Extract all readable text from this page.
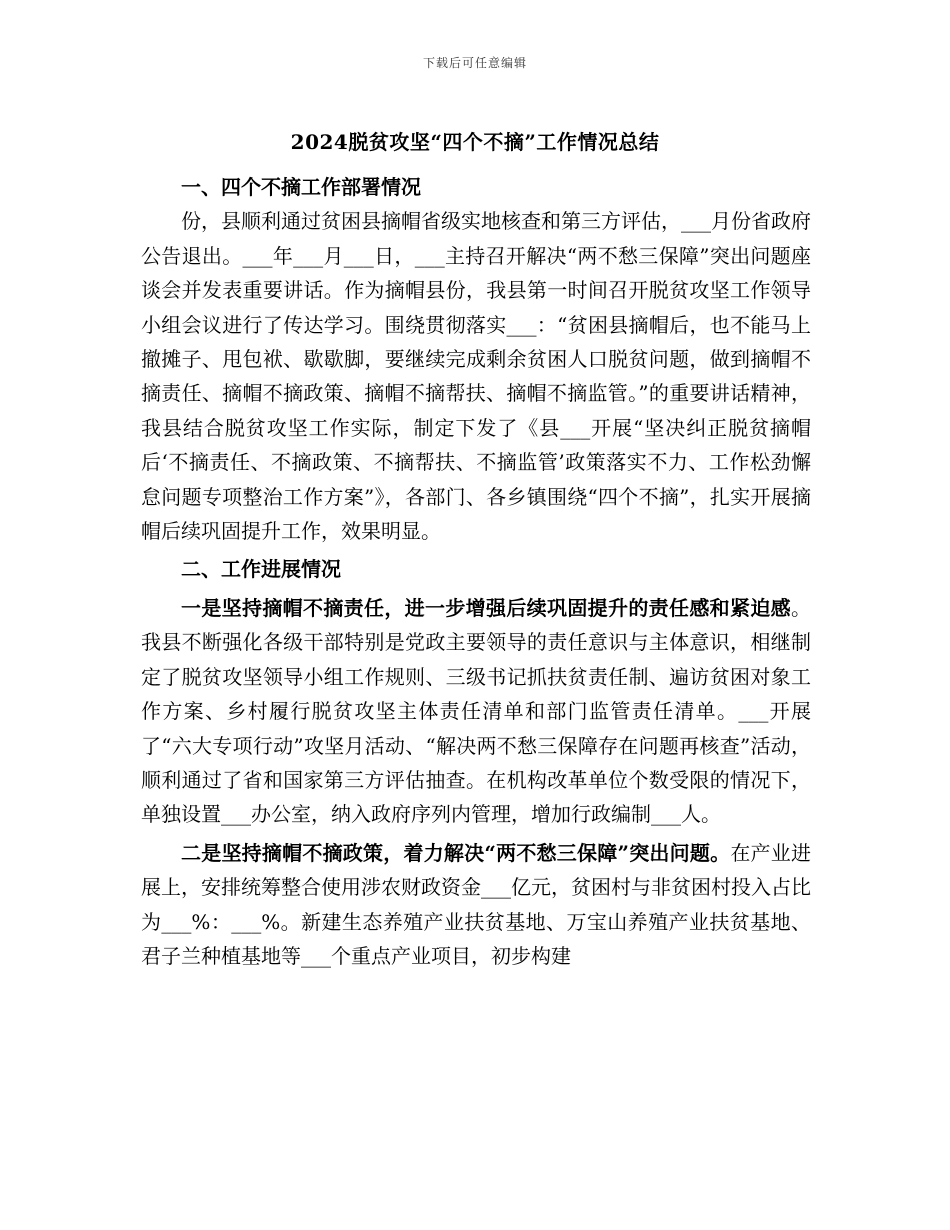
下载后可任意编辑
2024脱贫攻坚“四个不摘”工作情况总结

一、四个不摘工作部署情况

份，县顺利通过贫困县摘帽省级实地核查和第三方评估，___月份省政府公告退出。___年___月___日，___主持召开解决“两不愁三保障”突出问题座谈会并发表重要讲话。作为摘帽县份，我县第一时间召开脱贫攻坚工作领导小组会议进行了传达学习。围绕贯彻落实___：“贫困县摘帽后，也不能马上撤摊子、甩包袱、歇歇脚，要继续完成剩余贫困人口脱贫问题，做到摘帽不摘责任、摘帽不摘政策、摘帽不摘帮扶、摘帽不摘监管。”的重要讲话精神，我县结合脱贫攻坚工作实际，制定下发了《县___开展“坚决纠正脱贫摘帽后‘不摘责任、不摘政策、不摘帮扶、不摘监管’政策落实不力、工作松劲懈怠问题专项整治工作方案”》，各部门、各乡镇围绕“四个不摘”，扎实开展摘帽后续巩固提升工作，效果明显。

二、工作进展情况

一是坚持摘帽不摘责任，进一步增强后续巩固提升的责任感和紧迫感。我县不断强化各级干部特别是党政主要领导的责任意识与主体意识，相继制定了脱贫攻坚领导小组工作规则、三级书记抓扶贫责任制、遍访贫困对象工作方案、乡村履行脱贫攻坚主体责任清单和部门监管责任清单。___开展了“六大专项行动”攻坚月活动、“解决两不愁三保障存在问题再核查”活动，顺利通过了省和国家第三方评估抽查。在机构改革单位个数受限的情况下，单独设置___办公室，纳入政府序列内管理，增加行政编制___人。

二是坚持摘帽不摘政策，着力解决“两不愁三保障”突出问题。在产业进展上，安排统筹整合使用涉农财政资金___亿元，贫困村与非贫困村投入占比为___%：___%。新建生态养殖产业扶贫基地、万宝山养殖产业扶贫基地、君子兰种植基地等___个重点产业项目，初步构建
